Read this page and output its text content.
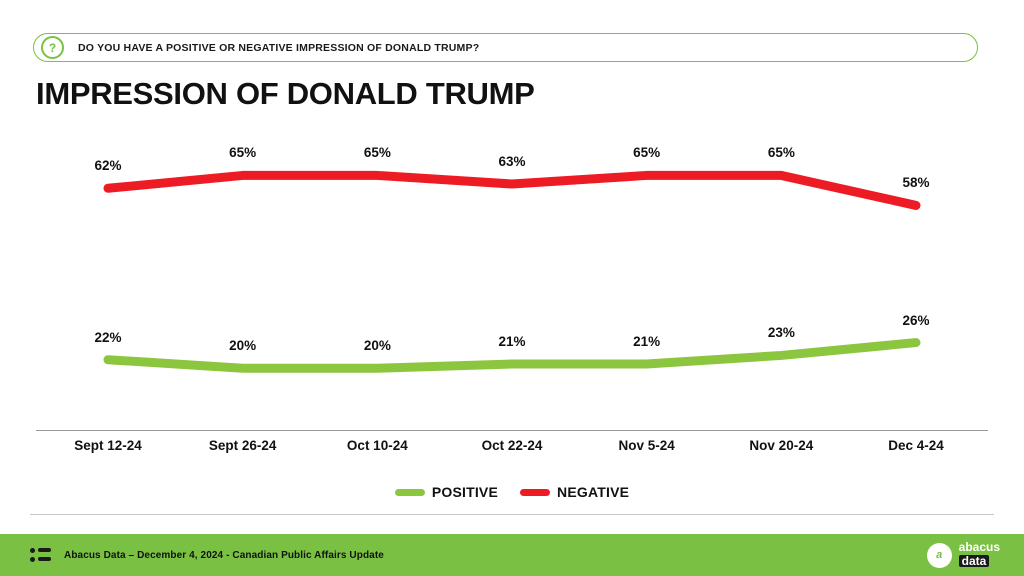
?	DO YOU HAVE A POSITIVE OR NEGATIVE IMPRESSION OF DONALD TRUMP?
IMPRESSION OF DONALD TRUMP
62%
65%	65%
63%
65%	65%
58%
22%
20%	20%	21%	21%
23%
26%
Sept 12-24	Sept 26-24	Oct 10-24	Oct 22-24	Nov 5-24	Nov 20-24	Dec 4-24
POSITIVE	NEGATIVE
Abacus Data – December 4, 2024 - Canadian Public Affairs Update	a
abacus
data
